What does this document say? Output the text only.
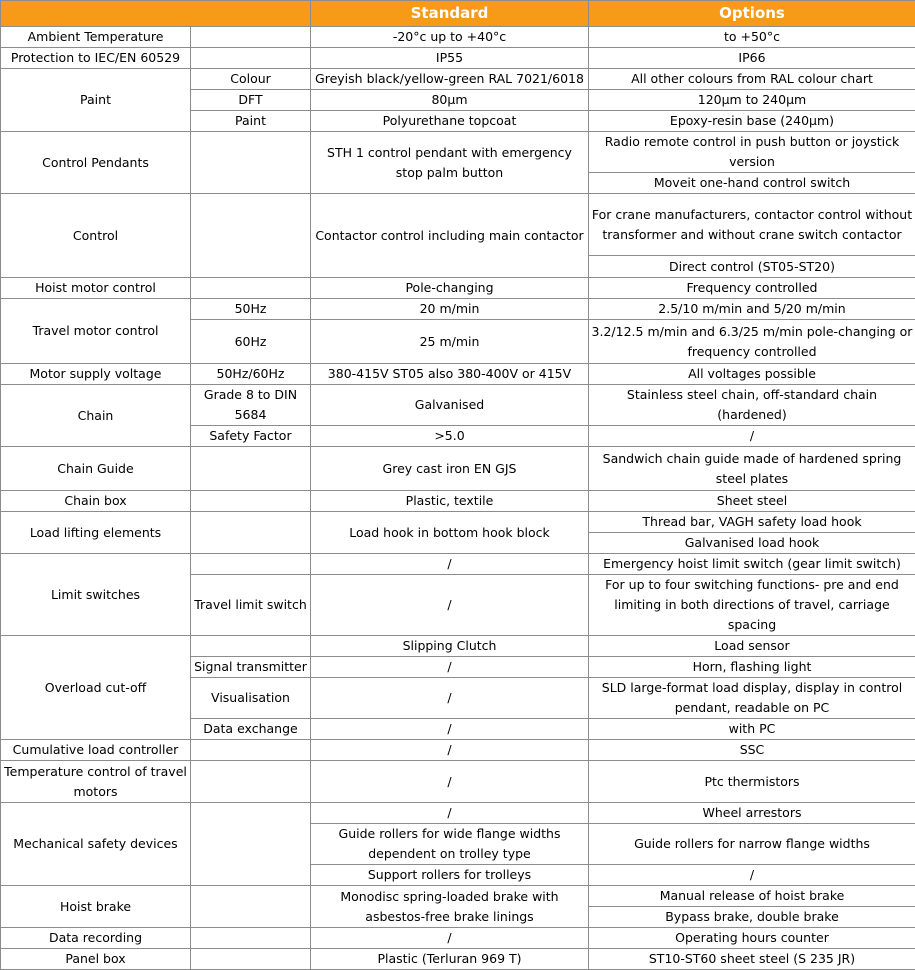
		Standard	Options
Ambient Temperature		-20°c up to +40°c	to +50°c
Protection to IEC/EN 60529		IP55	IP66
Paint	Colour	Greyish black/yellow-green RAL 7021/6018	All other colours from RAL colour chart
	DFT	80µm	120µm to 240µm
	Paint	Polyurethane topcoat	Epoxy-resin base (240µm)
Control Pendants		STH 1 control pendant with emergency stop palm button	Radio remote control in push button or joystick version
			Moveit one-hand control switch
Control		Contactor control including main contactor	For crane manufacturers, contactor control without transformer and without crane switch contactor
			Direct control (ST05-ST20)
Hoist motor control		Pole-changing	Frequency controlled
Travel motor control	50Hz	20 m/min	2.5/10 m/min and 5/20 m/min
	60Hz	25 m/min	3.2/12.5 m/min and 6.3/25 m/min pole-changing or frequency controlled
Motor supply voltage	50Hz/60Hz	380-415V ST05 also 380-400V or 415V	All voltages possible
Chain	Grade 8 to DIN 5684	Galvanised	Stainless steel chain, off-standard chain (hardened)
	Safety Factor	>5.0	/
Chain Guide		Grey cast iron EN GJS	Sandwich chain guide made of hardened spring steel plates
Chain box		Plastic, textile	Sheet steel
Load lifting elements		Load hook in bottom hook block	Thread bar, VAGH safety load hook
			Galvanised load hook
Limit switches		/	Emergency hoist limit switch (gear limit switch)
	Travel limit switch	/	For up to four switching functions- pre and end limiting in both directions of travel, carriage spacing
Overload cut-off		Slipping Clutch	Load sensor
	Signal transmitter	/	Horn, flashing light
	Visualisation	/	SLD large-format load display, display in control pendant, readable on PC
	Data exchange	/	with PC
Cumulative load controller		/	SSC
Temperature control of travel motors		/	Ptc thermistors
Mechanical safety devices		/	Wheel arrestors
		Guide rollers for wide flange widths dependent on trolley type	Guide rollers for narrow flange widths
		Support rollers for trolleys	/
Hoist brake		Monodisc spring-loaded brake with asbestos-free brake linings	Manual release of hoist brake
			Bypass brake, double brake
Data recording		/	Operating hours counter
Panel box		Plastic (Terluran 969 T)	ST10-ST60 sheet steel (S 235 JR)
